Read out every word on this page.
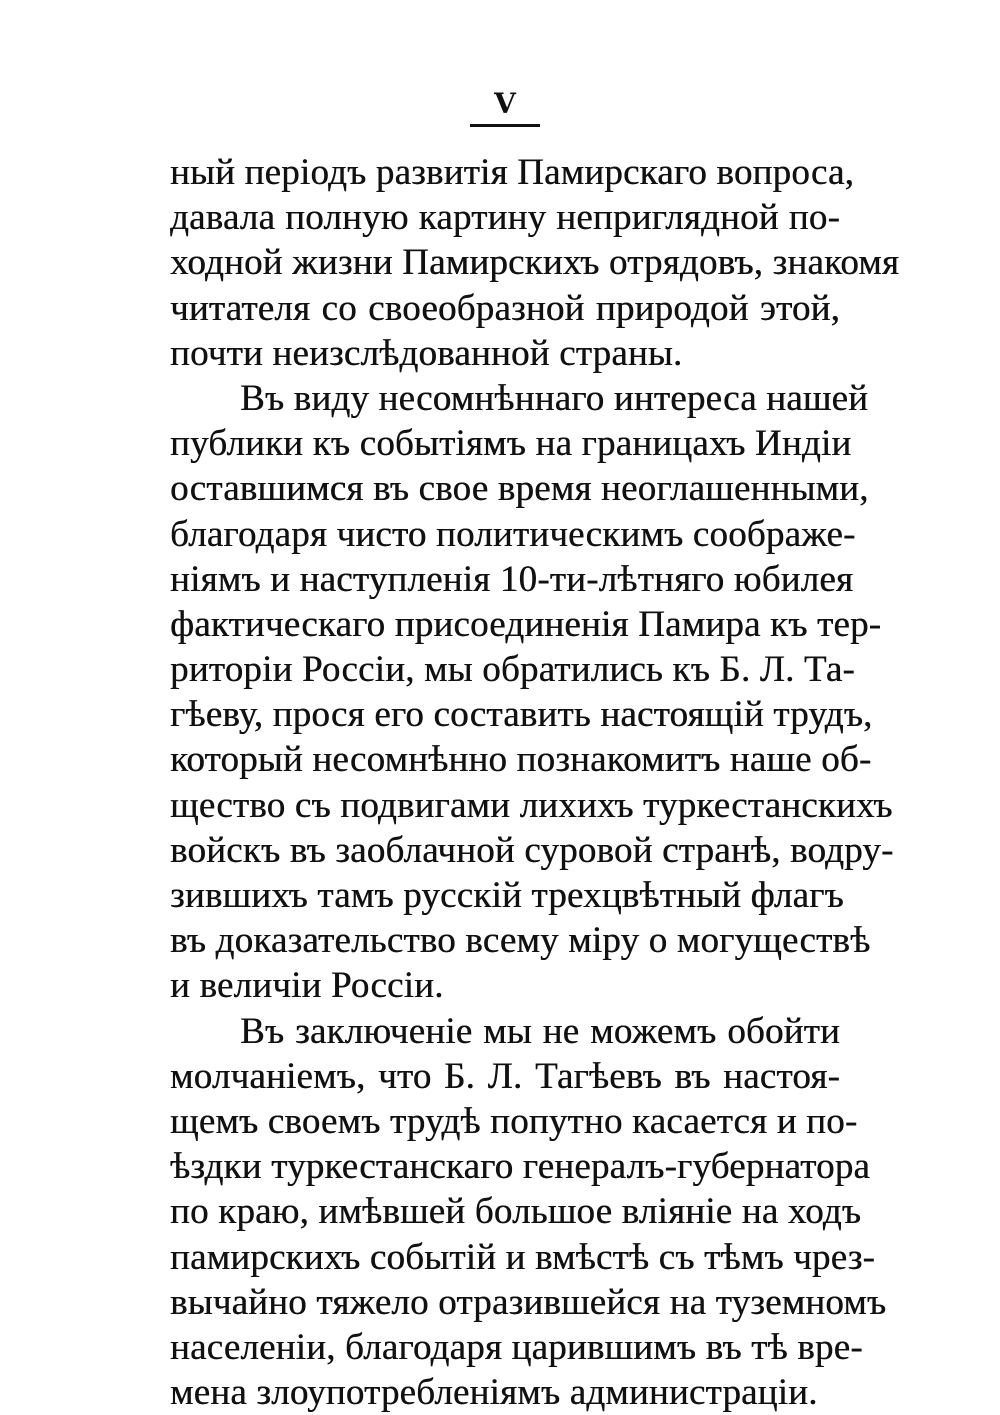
V
ный періодъ развитія Памирскаго вопроса,
давала полную картину неприглядной по-
ходной жизни Памирскихъ отрядовъ, знакомя
читателя со своеобразной природой этой,
почти неизслѣдованной страны.
Въ виду несомнѣннаго интереса нашей
публики къ событіямъ на границахъ Индіи
оставшимся въ свое время неоглашенными,
благодаря чисто политическимъ соображе-
ніямъ и наступленія 10-ти-лѣтняго юбилея
фактическаго присоединенія Памира къ тер-
риторіи Россіи, мы обратились къ Б. Л. Та-
гѣеву, прося его составить настоящій трудъ,
который несомнѣнно познакомитъ наше об-
щество съ подвигами лихихъ туркестанскихъ
войскъ въ заоблачной суровой странѣ, водру-
зившихъ тамъ русскій трехцвѣтный флагъ
въ доказательство всему міру о могуществѣ
и величіи Россіи.
Въ заключеніе мы не можемъ обойти
молчаніемъ, что Б. Л. Тагѣевъ въ настоя-
щемъ своемъ трудѣ попутно касается и по-
ѣздки туркестанскаго генералъ-губернатора
по краю, имѣвшей большое вліяніе на ходъ
памирскихъ событій и вмѣстѣ съ тѣмъ чрез-
вычайно тяжело отразившейся на туземномъ
населеніи, благодаря царившимъ въ тѣ вре-
мена злоупотребленіямъ администраціи.
